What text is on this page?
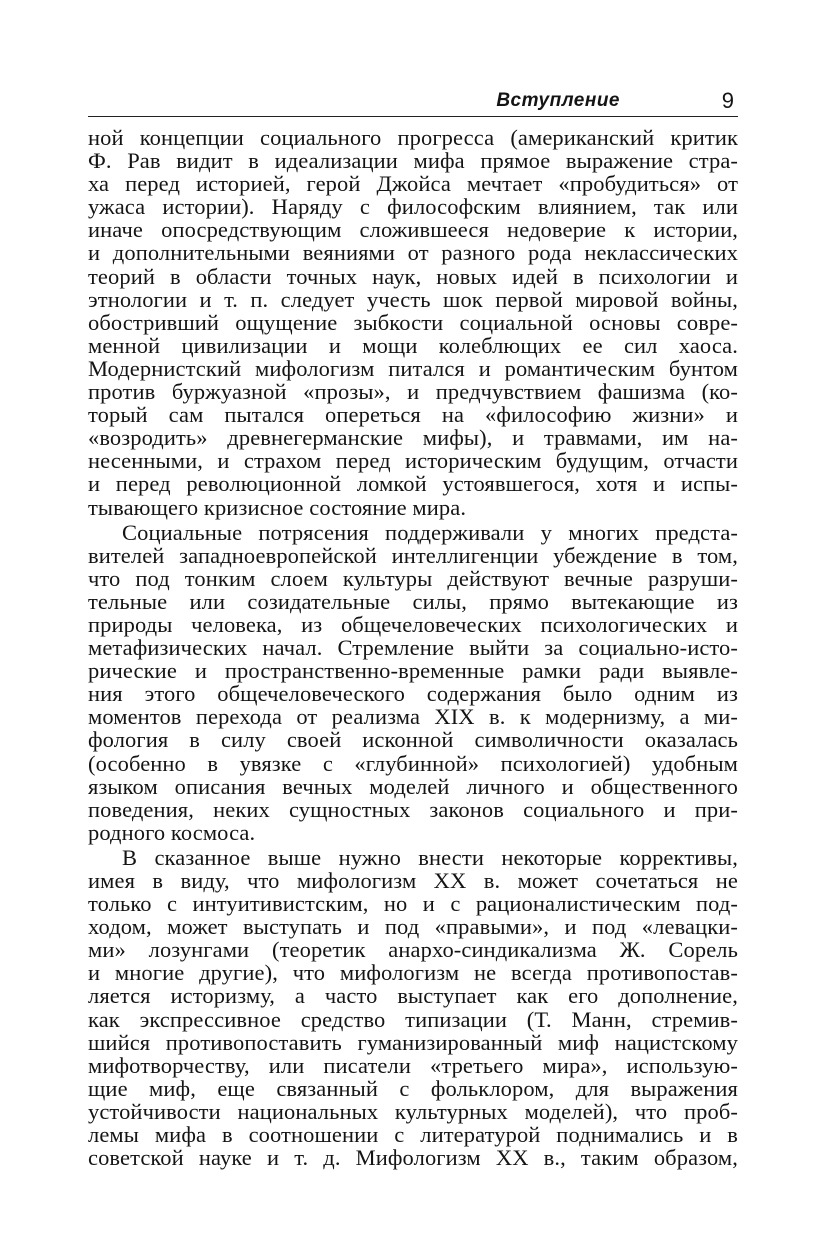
Вступление	9
ной концепции социального прогресса (американский критик
Ф. Рав видит в идеализации мифа прямое выражение стра-
ха перед историей, герой Джойса мечтает «пробудиться» от
ужаса истории). Наряду с философским влиянием, так или
иначе опосредствующим сложившееся недоверие к истории,
и дополнительными веяниями от разного рода неклассических
теорий в области точных наук, новых идей в психологии и
этнологии и т. п. следует учесть шок первой мировой войны,
обостривший ощущение зыбкости социальной основы совре-
менной цивилизации и мощи колеблющих ее сил хаоса.
Модернистский мифологизм питался и романтическим бунтом
против буржуазной «прозы», и предчувствием фашизма (ко-
торый сам пытался опереться на «философию жизни» и
«возродить» древнегерманские мифы), и травмами, им на-
несенными, и страхом перед историческим будущим, отчасти
и перед революционной ломкой устоявшегося, хотя и испы-
тывающего кризисное состояние мира.
Социальные потрясения поддерживали у многих предста-
вителей западноевропейской интеллигенции убеждение в том,
что под тонким слоем культуры действуют вечные разруши-
тельные или созидательные силы, прямо вытекающие из
природы человека, из общечеловеческих психологических и
метафизических начал. Стремление выйти за социально-исто-
рические и пространственно-временные рамки ради выявле-
ния этого общечеловеческого содержания было одним из
моментов перехода от реализма XIX в. к модернизму, а ми-
фология в силу своей исконной символичности оказалась
(особенно в увязке с «глубинной» психологией) удобным
языком описания вечных моделей личного и общественного
поведения, неких сущностных законов социального и при-
родного космоса.
В сказанное выше нужно внести некоторые коррективы,
имея в виду, что мифологизм XX в. может сочетаться не
только с интуитивистским, но и с рационалистическим под-
ходом, может выступать и под «правыми», и под «левацки-
ми» лозунгами (теоретик анархо-синдикализма Ж. Сорель
и многие другие), что мифологизм не всегда противопостав-
ляется историзму, а часто выступает как его дополнение,
как экспрессивное средство типизации (Т. Манн, стремив-
шийся противопоставить гуманизированный миф нацистскому
мифотворчеству, или писатели «третьего мира», использую-
щие миф, еще связанный с фольклором, для выражения
устойчивости национальных культурных моделей), что проб-
лемы мифа в соотношении с литературой поднимались и в
советской науке и т. д. Мифологизм XX в., таким образом,
